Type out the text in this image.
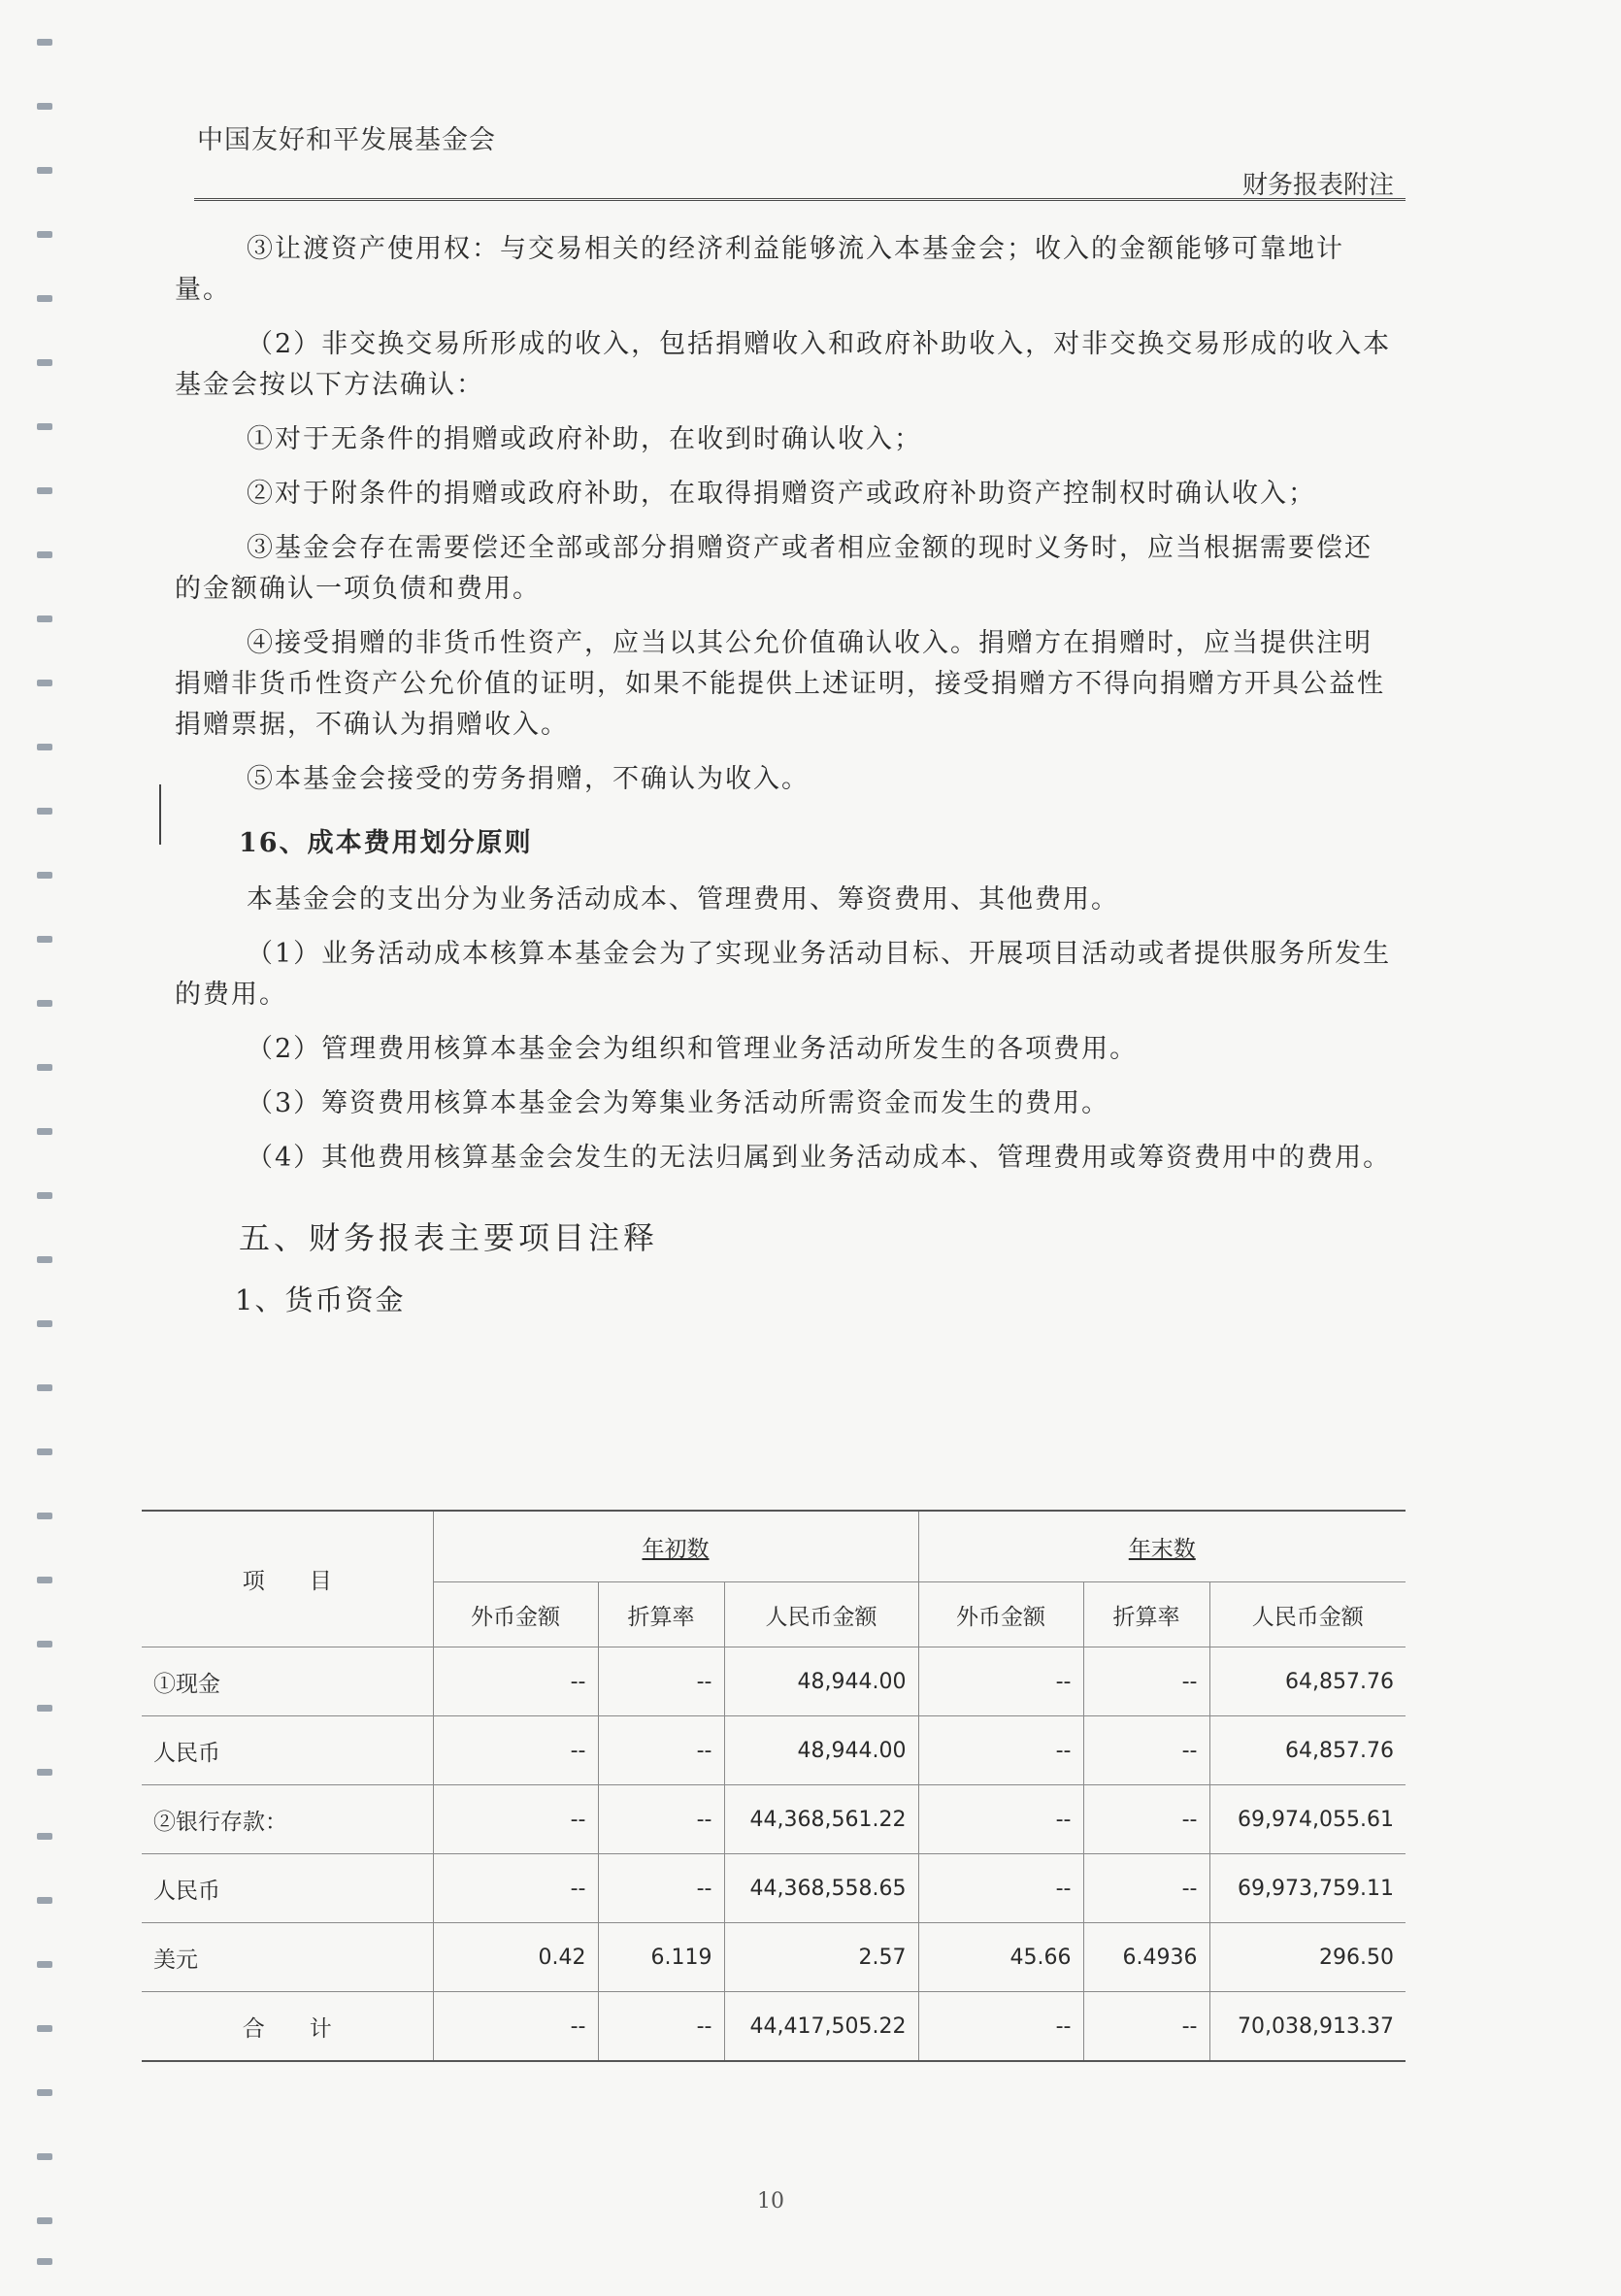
中国友好和平发展基金会
财务报表附注

③让渡资产使用权：与交易相关的经济利益能够流入本基金会；收入的金额能够可靠地计量。

（2）非交换交易所形成的收入，包括捐赠收入和政府补助收入，对非交换交易形成的收入本基金会按以下方法确认：

①对于无条件的捐赠或政府补助，在收到时确认收入；

②对于附条件的捐赠或政府补助，在取得捐赠资产或政府补助资产控制权时确认收入；

③基金会存在需要偿还全部或部分捐赠资产或者相应金额的现时义务时，应当根据需要偿还的金额确认一项负债和费用。

④接受捐赠的非货币性资产，应当以其公允价值确认收入。捐赠方在捐赠时，应当提供注明捐赠非货币性资产公允价值的证明，如果不能提供上述证明，接受捐赠方不得向捐赠方开具公益性捐赠票据，不确认为捐赠收入。

⑤本基金会接受的劳务捐赠，不确认为收入。

16、成本费用划分原则

本基金会的支出分为业务活动成本、管理费用、筹资费用、其他费用。

（1）业务活动成本核算本基金会为了实现业务活动目标、开展项目活动或者提供服务所发生的费用。

（2）管理费用核算本基金会为组织和管理业务活动所发生的各项费用。

（3）筹资费用核算本基金会为筹集业务活动所需资金而发生的费用。

（4）其他费用核算基金会发生的无法归属到业务活动成本、管理费用或筹资费用中的费用。

五、财务报表主要项目注释

1、货币资金

项　　目	年初数			年末数		
	外币金额	折算率	人民币金额	外币金额	折算率	人民币金额
①现金	--	--	48,944.00	--	--	64,857.76
人民币	--	--	48,944.00	--	--	64,857.76
②银行存款：	--	--	44,368,561.22	--	--	69,974,055.61
人民币	--	--	44,368,558.65	--	--	69,973,759.11
美元	0.42	6.119	2.57	45.66	6.4936	296.50
合　　计	--	--	44,417,505.22	--	--	70,038,913.37
10
